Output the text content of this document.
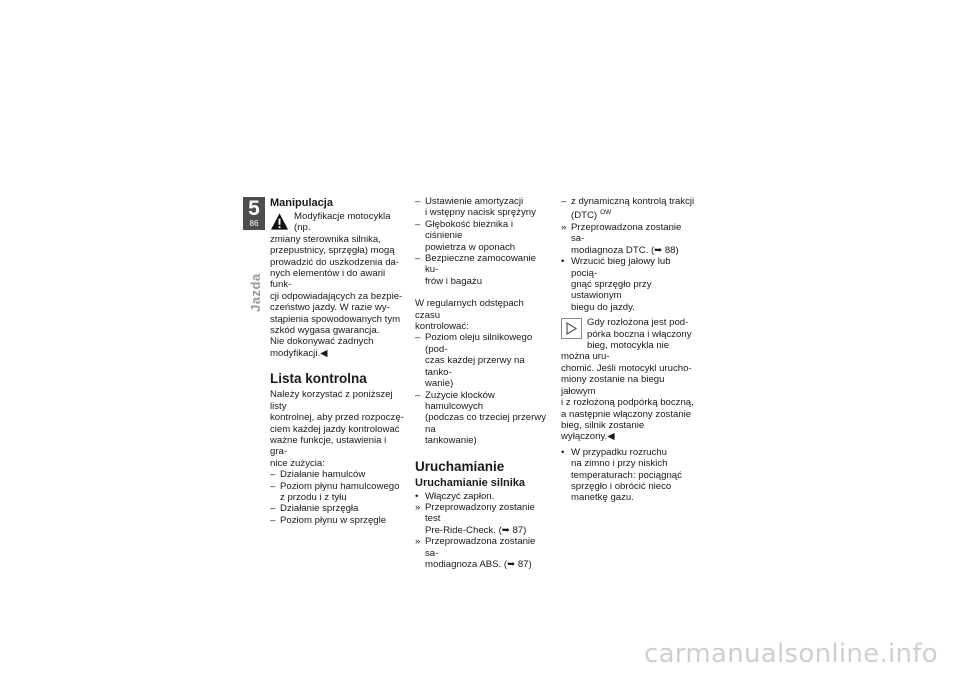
5
86
Jazda
Manipulacja
Modyfikacje motocykla (np.
zmiany sterownika silnika,
przepustnicy, sprzęgła) mogą
prowadzić do uszkodzenia da-
nych elementów i do awarii funk-
cji odpowiadających za bezpie-
czeństwo jazdy. W razie wy-
stąpienia spowodowanych tym
szkód wygasa gwarancja.
Nie dokonywać żadnych
modyfikacji.◀
Lista kontrolna
Należy korzystać z poniższej listy
kontrolnej, aby przed rozpoczę-
ciem każdej jazdy kontrolować
ważne funkcje, ustawienia i gra-
nice zużycia:
– Działanie hamulców
– Poziom płynu hamulcowego
z przodu i z tyłu
– Działanie sprzęgła
– Poziom płynu w sprzęgle
– Ustawienie amortyzacji
i wstępny nacisk sprężyny
– Głębokość bieżnika i ciśnienie
powietrza w oponach
– Bezpieczne zamocowanie ku-
frów i bagażu
W regularnych odstępach czasu
kontrolować:
– Poziom oleju silnikowego (pod-
czas każdej przerwy na tanko-
wanie)
– Zużycie klocków hamulcowych
(podczas co trzeciej przerwy na
tankowanie)
Uruchamianie
Uruchamianie silnika
• Włączyć zapłon.
» Przeprowadzony zostanie test
Pre-Ride-Check. (➥ 87)
» Przeprowadzona zostanie sa-
modiagnoza ABS. (➥ 87)
– z dynamiczną kontrolą trakcji
(DTC) $^{OW}$
» Przeprowadzona zostanie sa-
modiagnoza DTC. (➥ 88)
• Wrzucić bieg jałowy lub pocią-
gnąć sprzęgło przy ustawionym
biegu do jazdy.
Gdy rozłożona jest pod-
pórka boczna i włączony
bieg, motocykla nie można uru-
chomić. Jeśli motocykl urucho-
miony zostanie na biegu jałowym
i z rozłożoną podpórką boczną,
a następnie włączony zostanie
bieg, silnik zostanie wyłączony.◀
• W przypadku rozruchu
na zimno i przy niskich
temperaturach: pociągnąć
sprzęgło i obrócić nieco
manetkę gazu.
carmanualsonline.info
